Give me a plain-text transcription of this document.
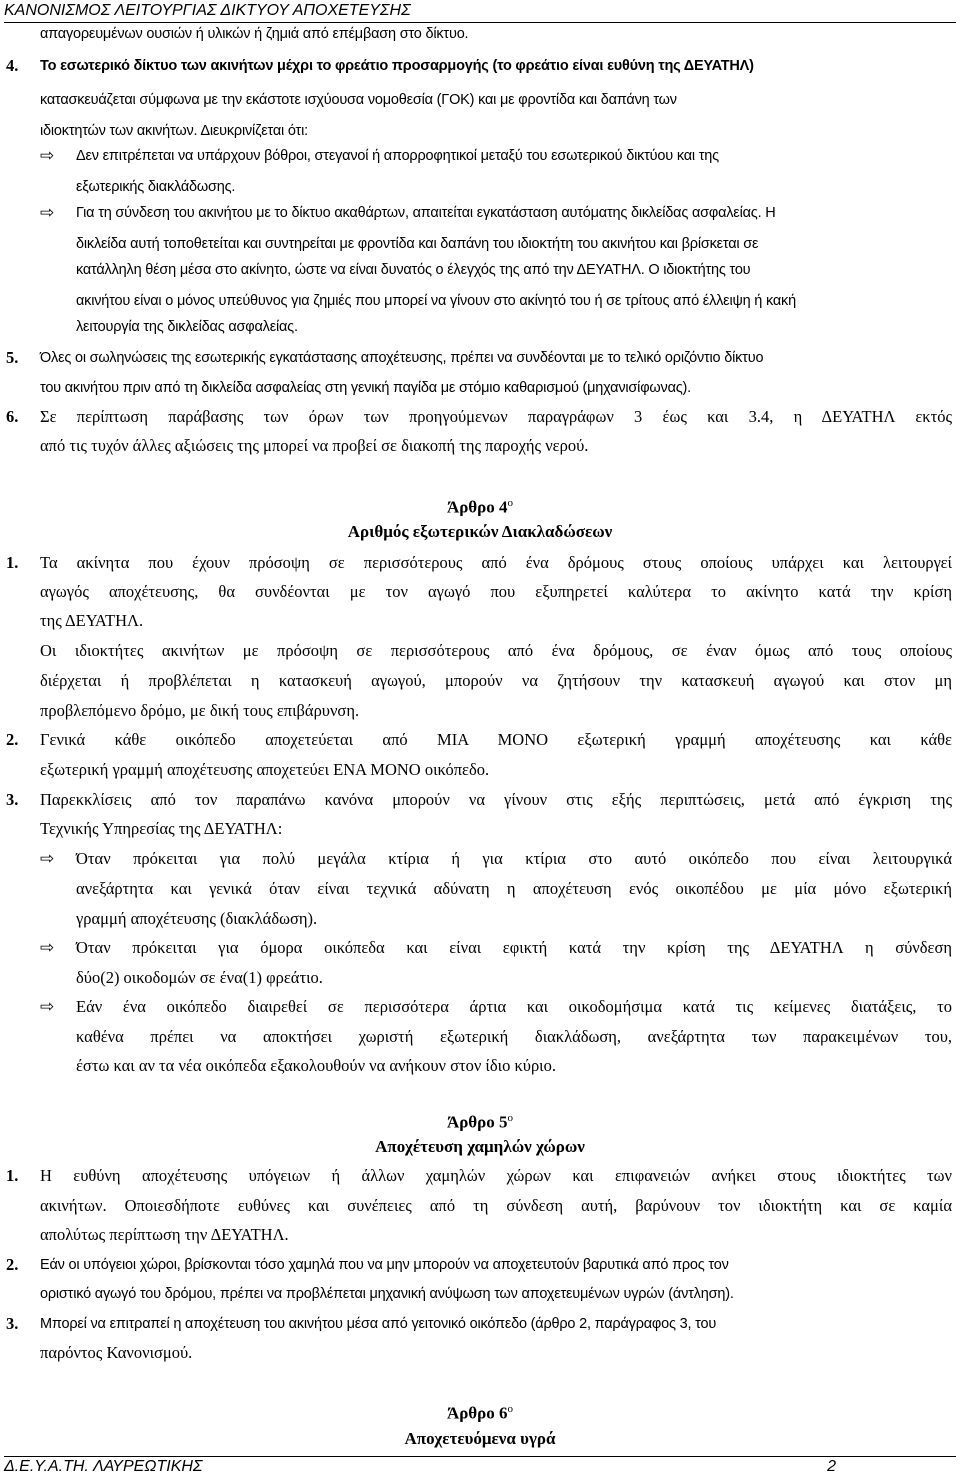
ΚΑΝΟΝΙΣΜΟΣ ΛΕΙΤΟΥΡΓΙΑΣ ΔΙΚΤΥΟΥ ΑΠΟΧΕΤΕΥΣΗΣ
απαγορευμένων ουσιών ή υλικών ή ζημιά από επέμβαση στο δίκτυο.
4. Το εσωτερικό δίκτυο των ακινήτων μέχρι το φρεάτιο προσαρμογής (το φρεάτιο είναι ευθύνη της ΔΕΥΑΤΗΛ)
κατασκευάζεται σύμφωνα με την εκάστοτε ισχύουσα νομοθεσία (ΓΟΚ) και με φροντίδα και δαπάνη των
ιδιοκτητών των ακινήτων. Διευκρινίζεται ότι:
⇨ Δεν επιτρέπεται να υπάρχουν βόθροι, στεγανοί ή απορροφητικοί μεταξύ του εσωτερικού δικτύου και της
εξωτερικής διακλάδωσης.
⇨ Για τη σύνδεση του ακινήτου με το δίκτυο ακαθάρτων, απαιτείται εγκατάσταση αυτόματης δικλείδας ασφαλείας. Η
δικλείδα αυτή τοποθετείται και συντηρείται με φροντίδα και δαπάνη του ιδιοκτήτη του ακινήτου και βρίσκεται σε
κατάλληλη θέση μέσα στο ακίνητο, ώστε να είναι δυνατός ο έλεγχός της από την ΔΕΥΑΤΗΛ. Ο ιδιοκτήτης του
ακινήτου είναι ο μόνος υπεύθυνος για ζημιές που μπορεί να γίνουν στο ακίνητό του ή σε τρίτους από έλλειψη ή κακή
λειτουργία της δικλείδας ασφαλείας.
5. Όλες οι σωληνώσεις της εσωτερικής εγκατάστασης αποχέτευσης, πρέπει να συνδέονται με το τελικό οριζόντιο δίκτυο
του ακινήτου πριν από τη δικλείδα ασφαλείας στη γενική παγίδα με στόμιο καθαρισμού (μηχανισίφωνας).
6. Σε περίπτωση παράβασης των όρων των προηγούμενων παραγράφων 3 έως και 3.4, η ΔΕΥΑΤΗΛ εκτός
από τις τυχόν άλλες αξιώσεις της μπορεί να προβεί σε διακοπή της παροχής νερού.
Άρθρο $4^o$
Αριθμός εξωτερικών Διακλαδώσεων
1. Τα ακίνητα που έχουν πρόσοψη σε περισσότερους από ένα δρόμους στους οποίους υπάρχει και λειτουργεί
αγωγός αποχέτευσης, θα συνδέονται με τον αγωγό που εξυπηρετεί καλύτερα το ακίνητο κατά την κρίση
της ΔΕΥΑΤΗΛ.
Οι ιδιοκτήτες ακινήτων με πρόσοψη σε περισσότερους από ένα δρόμους, σε έναν όμως από τους οποίους
διέρχεται ή προβλέπεται η κατασκευή αγωγού, μπορούν να ζητήσουν την κατασκευή αγωγού και στον μη
προβλεπόμενο δρόμο, με δική τους επιβάρυνση.
2. Γενικά κάθε οικόπεδο αποχετεύεται από ΜΙΑ ΜΟΝΟ εξωτερική γραμμή αποχέτευσης και κάθε
εξωτερική γραμμή αποχέτευσης αποχετεύει ΕΝΑ ΜΟΝΟ οικόπεδο.
3. Παρεκκλίσεις από τον παραπάνω κανόνα μπορούν να γίνουν στις εξής περιπτώσεις, μετά από έγκριση της
Τεχνικής Υπηρεσίας της ΔΕΥΑΤΗΛ:
⇨ Όταν πρόκειται για πολύ μεγάλα κτίρια ή για κτίρια στο αυτό οικόπεδο που είναι λειτουργικά
ανεξάρτητα και γενικά όταν είναι τεχνικά αδύνατη η αποχέτευση ενός οικοπέδου με μία μόνο εξωτερική
γραμμή αποχέτευσης (διακλάδωση).
⇨ Όταν πρόκειται για όμορα οικόπεδα και είναι εφικτή κατά την κρίση της ΔΕΥΑΤΗΛ η σύνδεση
δύο(2) οικοδομών σε ένα(1) φρεάτιο.
⇨ Εάν ένα οικόπεδο διαιρεθεί σε περισσότερα άρτια και οικοδομήσιμα κατά τις κείμενες διατάξεις, το
καθένα πρέπει να αποκτήσει χωριστή εξωτερική διακλάδωση, ανεξάρτητα των παρακειμένων του,
έστω και αν τα νέα οικόπεδα εξακολουθούν να ανήκουν στον ίδιο κύριο.
Άρθρο $5^o$
Αποχέτευση χαμηλών χώρων
1. Η ευθύνη αποχέτευσης υπόγειων ή άλλων χαμηλών χώρων και επιφανειών ανήκει στους ιδιοκτήτες των
ακινήτων. Οποιεσδήποτε ευθύνες και συνέπειες από τη σύνδεση αυτή, βαρύνουν τον ιδιοκτήτη και σε καμία
απολύτως περίπτωση την ΔΕΥΑΤΗΛ.
2. Εάν οι υπόγειοι χώροι, βρίσκονται τόσο χαμηλά που να μην μπορούν να αποχετευτούν βαρυτικά από προς τον
οριστικό αγωγό του δρόμου, πρέπει να προβλέπεται μηχανική ανύψωση των αποχετευμένων υγρών (άντληση).
3. Μπορεί να επιτραπεί η αποχέτευση του ακινήτου μέσα από γειτονικό οικόπεδο (άρθρο 2, παράγραφος 3, του
παρόντος Κανονισμού.
Άρθρο $6^o$
Αποχετευόμενα υγρά
Δ.Ε.Υ.Α.ΤΗ. ΛΑΥΡΕΩΤΙΚΗΣ	2
